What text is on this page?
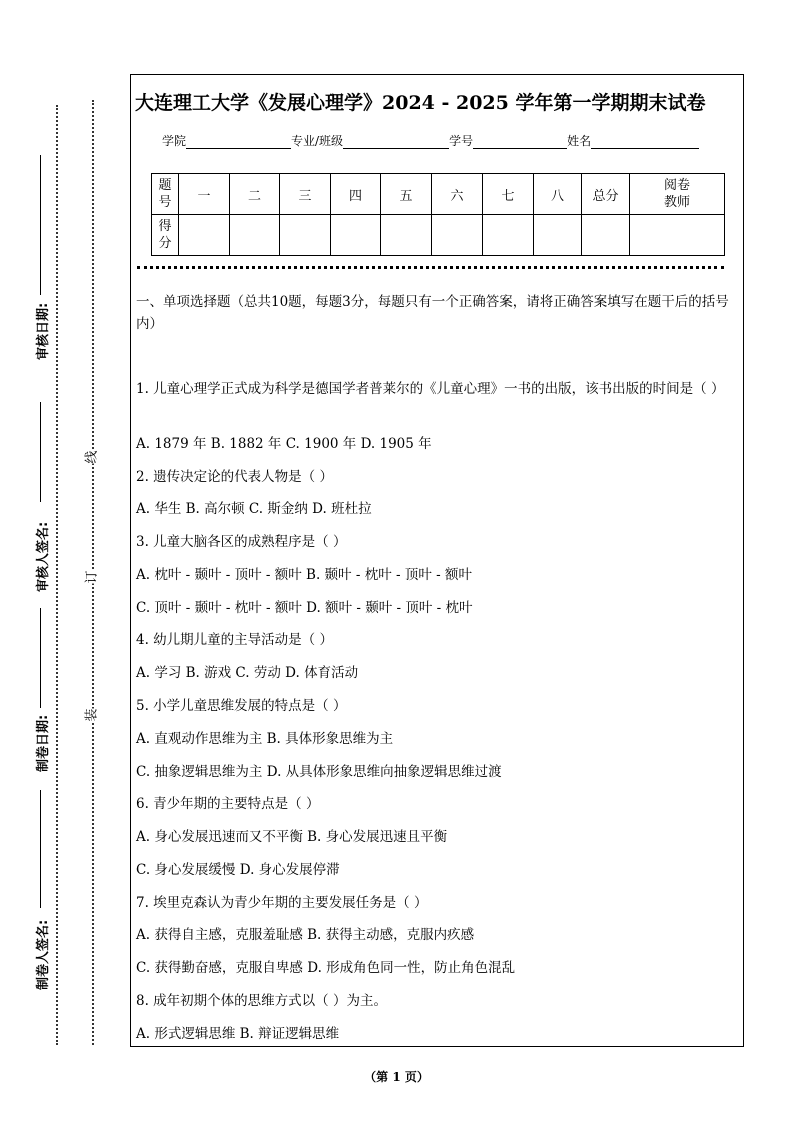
审核日期:
审核人签名:
制卷日期:
制卷人签名:
线
订
装
大连理工大学《发展心理学》2024 - 2025 学年第一学期期末试卷
学院	专业/班级	学号	姓名
题号	一	二	三	四	五	六	七	八	总分	阅卷教师
得分										
一、单项选择题（总共10题，每题3分，每题只有一个正确答案，请将正确答案填写在题干后的括号内）
1. 儿童心理学正式成为科学是德国学者普莱尔的《儿童心理》一书的出版，该书出版的时间是（ ）
A. 1879 年 B. 1882 年 C. 1900 年 D. 1905 年
2. 遗传决定论的代表人物是（ ）
A. 华生 B. 高尔顿 C. 斯金纳 D. 班杜拉
3. 儿童大脑各区的成熟程序是（ ）
A. 枕叶 - 颞叶 - 顶叶 - 额叶 B. 颞叶 - 枕叶 - 顶叶 - 额叶
C. 顶叶 - 颞叶 - 枕叶 - 额叶 D. 额叶 - 颞叶 - 顶叶 - 枕叶
4. 幼儿期儿童的主导活动是（ ）
A. 学习 B. 游戏 C. 劳动 D. 体育活动
5. 小学儿童思维发展的特点是（ ）
A. 直观动作思维为主 B. 具体形象思维为主
C. 抽象逻辑思维为主 D. 从具体形象思维向抽象逻辑思维过渡
6. 青少年期的主要特点是（ ）
A. 身心发展迅速而又不平衡 B. 身心发展迅速且平衡
C. 身心发展缓慢 D. 身心发展停滞
7. 埃里克森认为青少年期的主要发展任务是（ ）
A. 获得自主感，克服羞耻感 B. 获得主动感，克服内疚感
C. 获得勤奋感，克服自卑感 D. 形成角色同一性，防止角色混乱
8. 成年初期个体的思维方式以（ ）为主。
A. 形式逻辑思维 B. 辩证逻辑思维
（第 1 页）
